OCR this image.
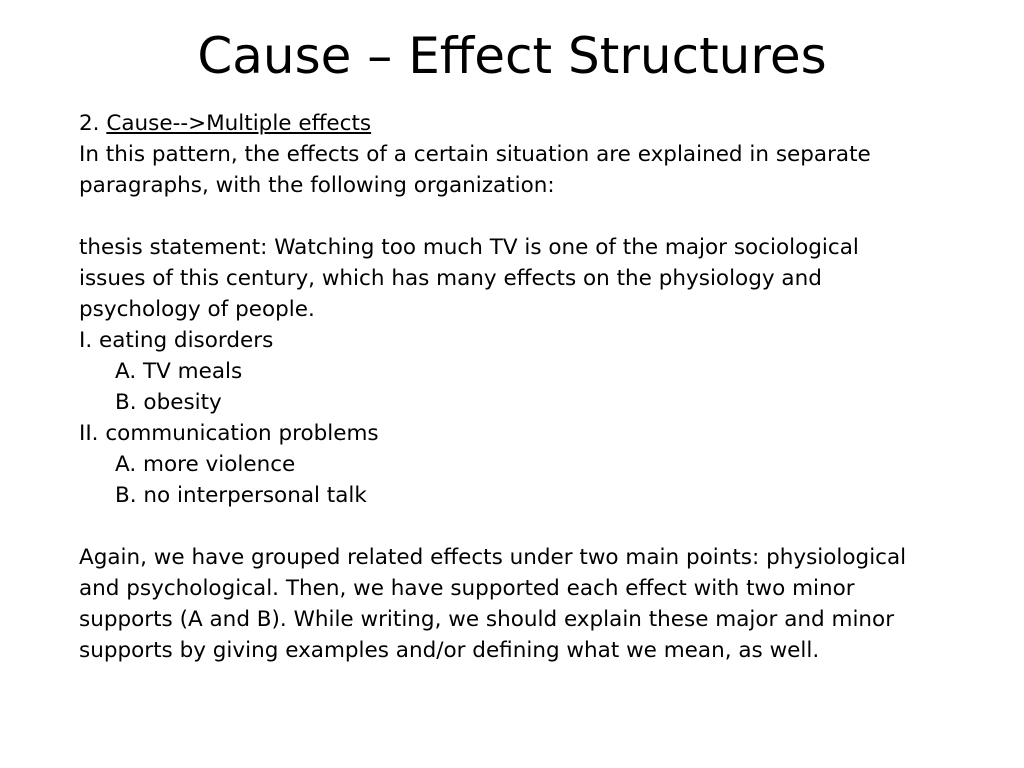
Cause – Effect Structures
2. Cause-->Multiple effects
In this pattern, the effects of a certain situation are explained in separate
paragraphs, with the following organization:
thesis statement: Watching too much TV is one of the major sociological
issues of this century, which has many effects on the physiology and
psychology of people.
I. eating disorders
A. TV meals
B. obesity
II. communication problems
A. more violence
B. no interpersonal talk
Again, we have grouped related effects under two main points: physiological
and psychological. Then, we have supported each effect with two minor
supports (A and B). While writing, we should explain these major and minor
supports by giving examples and/or defining what we mean, as well.
